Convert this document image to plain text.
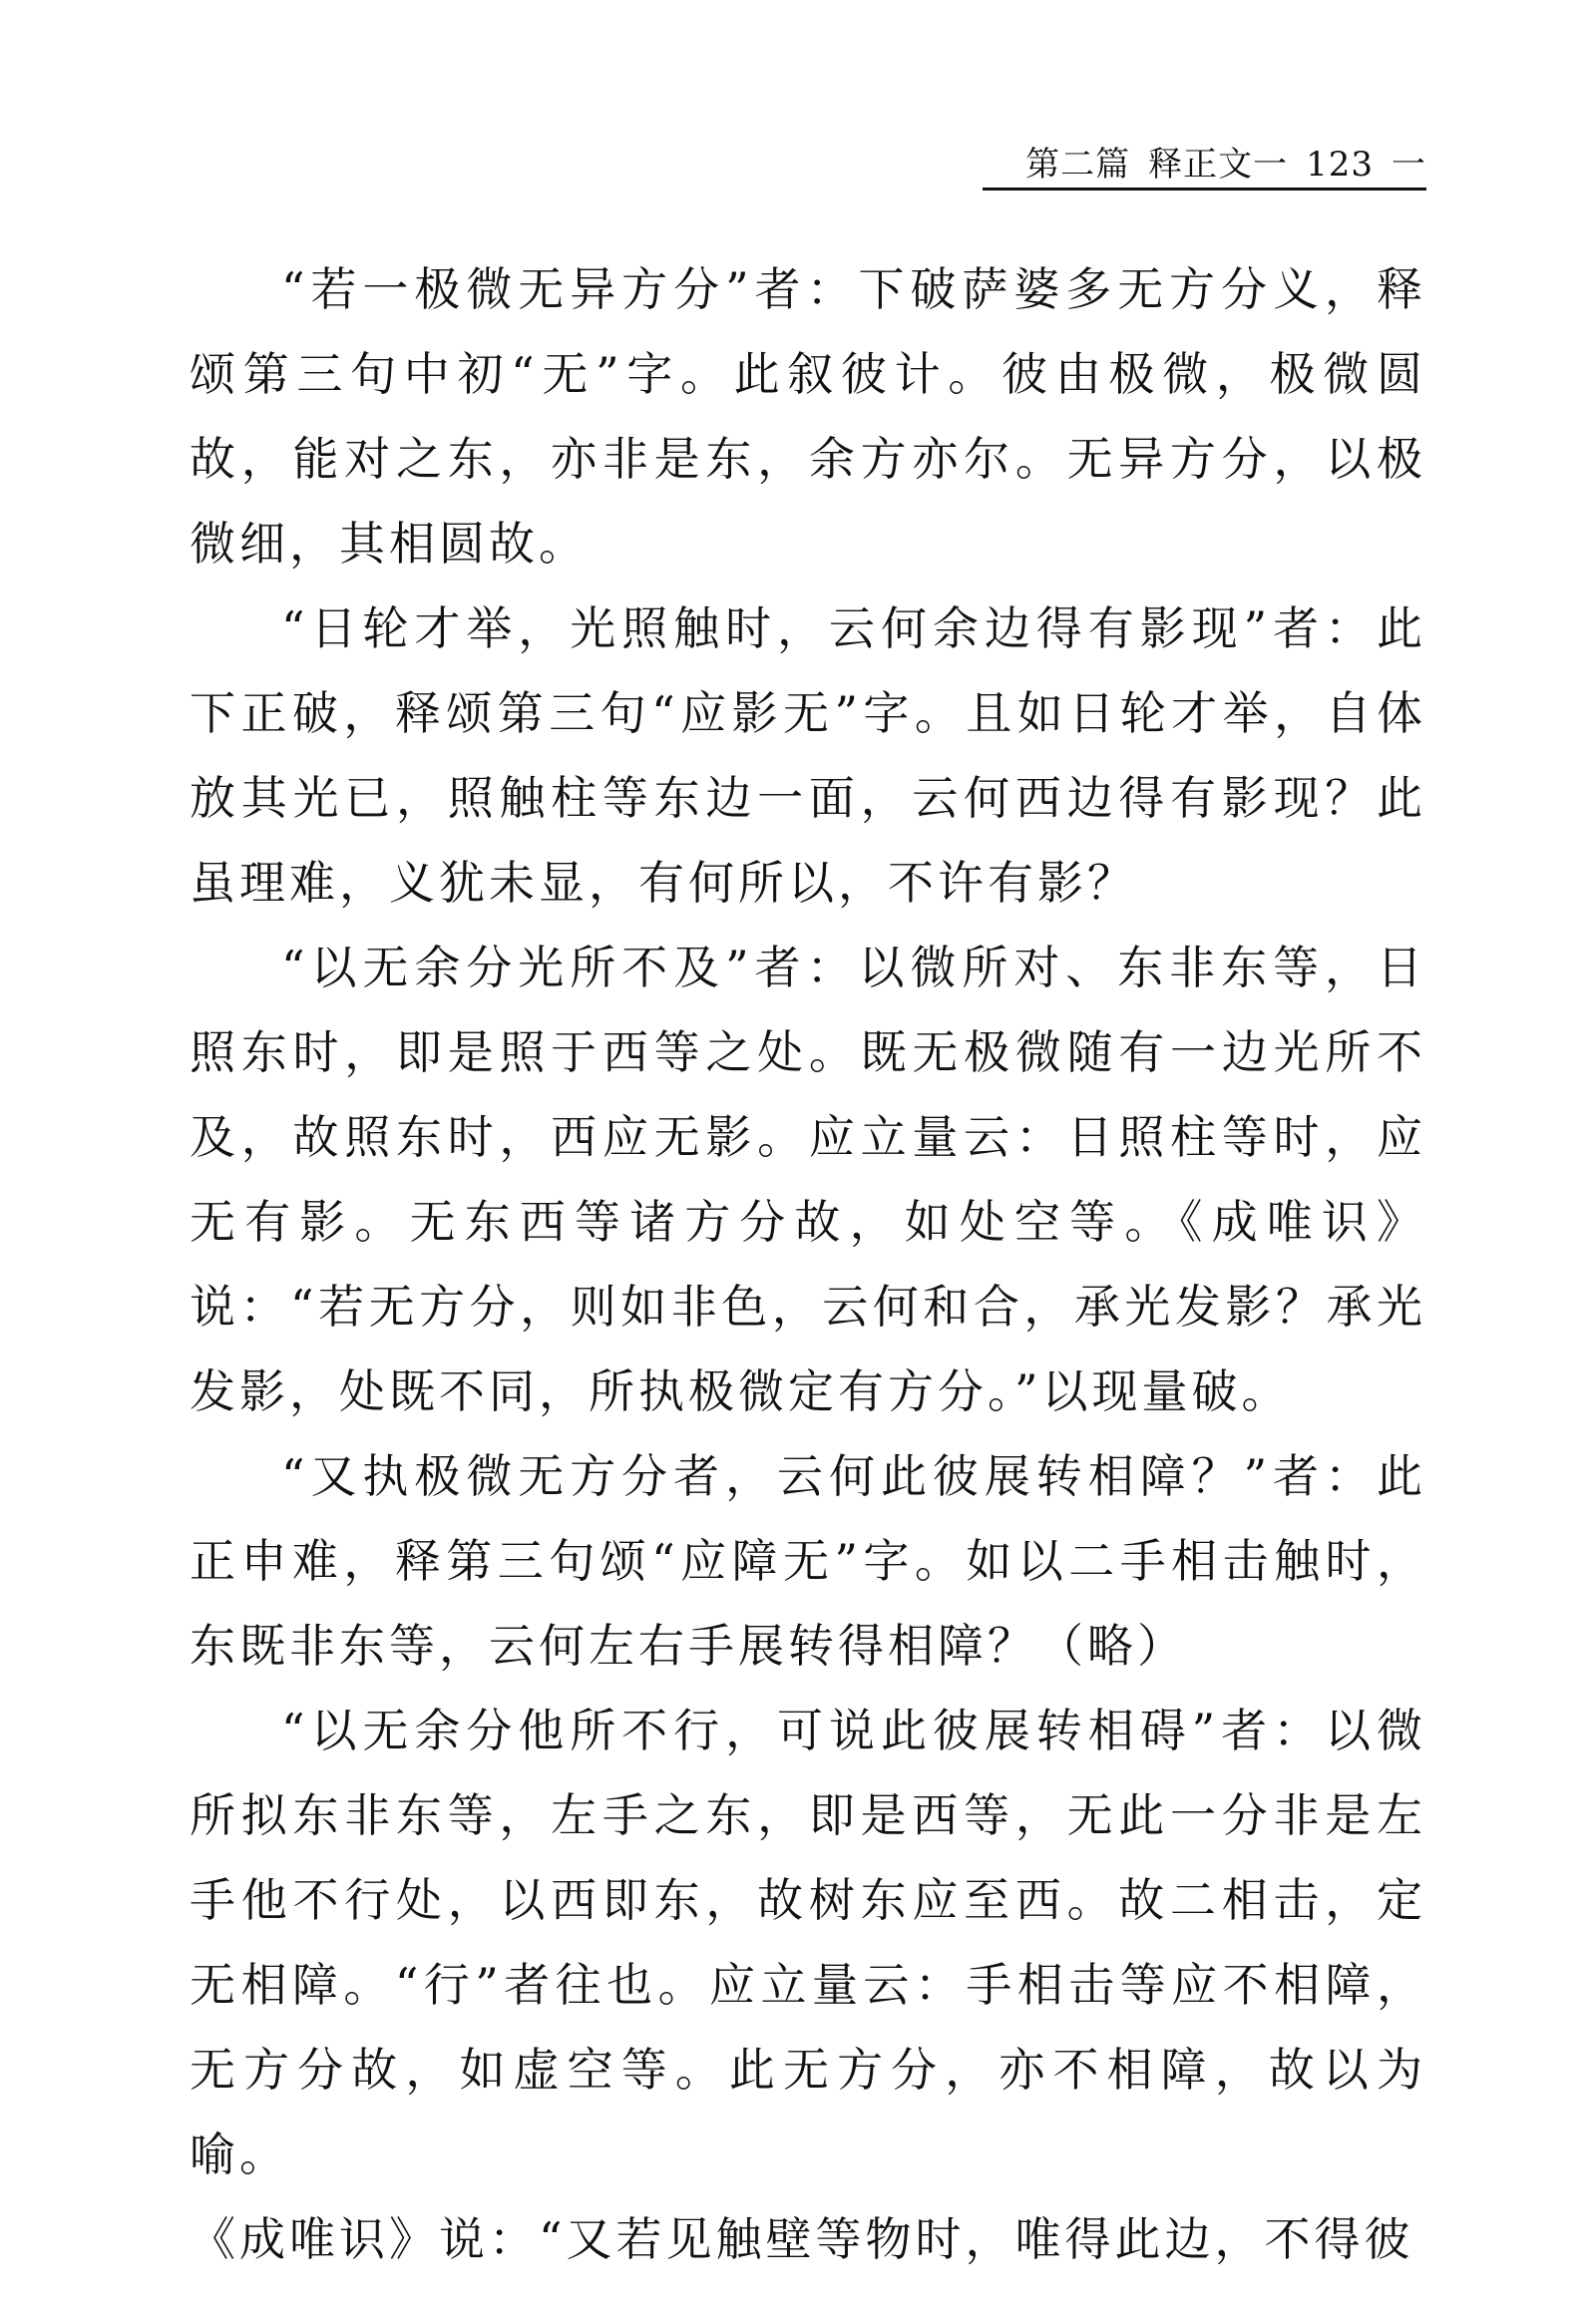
第二篇 释正文一 123 一

“若一极微无异方分”者：下破萨婆多无方分义，释颂第三句中初“无”字。此叙彼计。彼由极微，极微圆故，能对之东，亦非是东，余方亦尔。无异方分，以极微细，其相圆故。

“日轮才举，光照触时，云何余边得有影现”者：此下正破，释颂第三句“应影无”字。且如日轮才举，自体放其光已，照触柱等东边一面，云何西边得有影现？此虽理难，义犹未显，有何所以，不许有影？

“以无余分光所不及”者：以微所对、东非东等，日照东时，即是照于西等之处。既无极微随有一边光所不及，故照东时，西应无影。应立量云：日照柱等时，应无有影。无东西等诸方分故，如处空等。《成唯识》说：“若无方分，则如非色，云何和合，承光发影？承光发影，处既不同，所执极微定有方分。”以现量破。

“又执极微无方分者，云何此彼展转相障？”者：此正申难，释第三句颂“应障无”字。如以二手相击触时，东既非东等，云何左右手展转得相障？（略）

“以无余分他所不行，可说此彼展转相碍”者：以微所拟东非东等，左手之东，即是西等，无此一分非是左手他不行处，以西即东，故树东应至西。故二相击，定无相障。“行”者往也。应立量云：手相击等应不相障，无方分故，如虚空等。此无方分，亦不相障，故以为喻。

《成唯识》说：“又若见触壁等物时，唯得此边，不得彼
